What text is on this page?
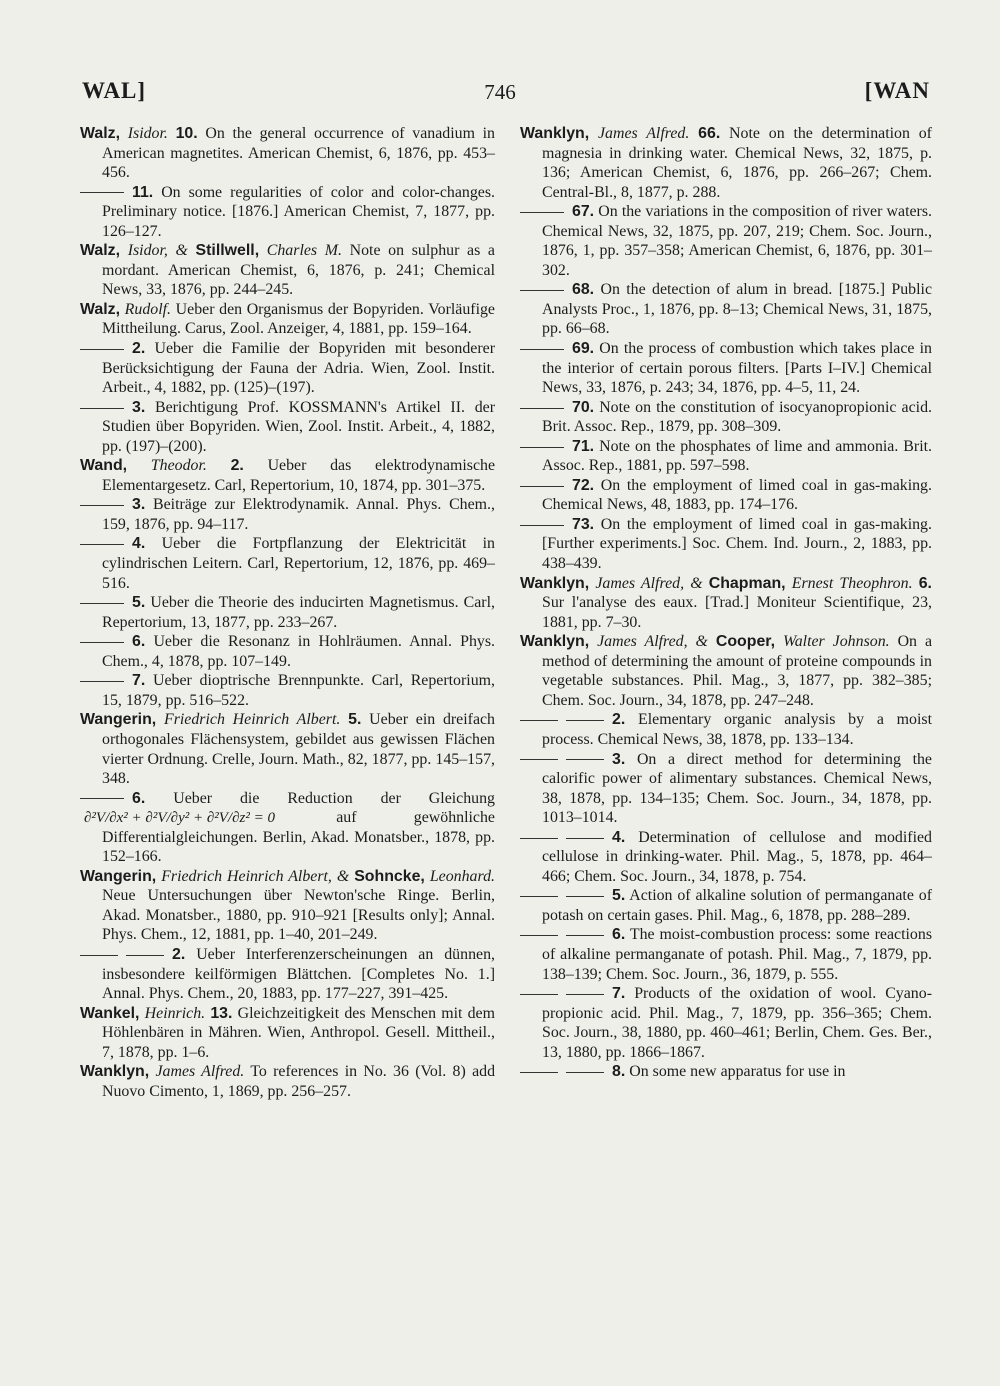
WAL]	746	[WAN

Walz, Isidor. 10. On the general occurrence of vanadium in American magnetites. American Chemist, 6, 1876, pp. 453–456.

11. On some regularities of color and color-changes. Preliminary notice. [1876.] American Chemist, 7, 1877, pp. 126–127.

Walz, Isidor, & Stillwell, Charles M. Note on sulphur as a mordant. American Chemist, 6, 1876, p. 241; Chemical News, 33, 1876, pp. 244–245.

Walz, Rudolf. Ueber den Organismus der Bopyriden. Vorläufige Mittheilung. Carus, Zool. Anzeiger, 4, 1881, pp. 159–164.

2. Ueber die Familie der Bopyriden mit besonderer Berücksichtigung der Fauna der Adria. Wien, Zool. Instit. Arbeit., 4, 1882, pp. (125)–(197).

3. Berichtigung Prof. KOSSMANN's Artikel II. der Studien über Bopyriden. Wien, Zool. Instit. Arbeit., 4, 1882, pp. (197)–(200).

Wand, Theodor. 2. Ueber das elektrodynamische Elementargesetz. Carl, Repertorium, 10, 1874, pp. 301–375.

3. Beiträge zur Elektrodynamik. Annal. Phys. Chem., 159, 1876, pp. 94–117.

4. Ueber die Fortpflanzung der Elektricität in cylindrischen Leitern. Carl, Repertorium, 12, 1876, pp. 469–516.

5. Ueber die Theorie des inducirten Magnetismus. Carl, Repertorium, 13, 1877, pp. 233–267.

6. Ueber die Resonanz in Hohlräumen. Annal. Phys. Chem., 4, 1878, pp. 107–149.

7. Ueber dioptrische Brennpunkte. Carl, Repertorium, 15, 1879, pp. 516–522.

Wangerin, Friedrich Heinrich Albert. 5. Ueber ein dreifach orthogonales Flächensystem, gebildet aus gewissen Flächen vierter Ordnung. Crelle, Journ. Math., 82, 1877, pp. 145–157, 348.

6. Ueber die Reduction der Gleichung ∂²V/∂x² + ∂²V/∂y² + ∂²V/∂z² = 0	auf gewöhnliche Differentialgleichungen. Berlin, Akad. Monatsber., 1878, pp. 152–166.

Wangerin, Friedrich Heinrich Albert, & Sohncke, Leonhard. Neue Untersuchungen über Newton'sche Ringe. Berlin, Akad. Monatsber., 1880, pp. 910–921 [Results only]; Annal. Phys. Chem., 12, 1881, pp. 1–40, 201–249.

2. Ueber Interferenzerscheinungen an dünnen, insbesondere keilförmigen Blättchen. [Completes No. 1.] Annal. Phys. Chem., 20, 1883, pp. 177–227, 391–425.

Wankel, Heinrich. 13. Gleichzeitigkeit des Menschen mit dem Höhlenbären in Mähren. Wien, Anthropol. Gesell. Mittheil., 7, 1878, pp. 1–6.

Wanklyn, James Alfred. To references in No. 36 (Vol. 8) add Nuovo Cimento, 1, 1869, pp. 256–257.

Wanklyn, James Alfred. 66. Note on the determination of magnesia in drinking water. Chemical News, 32, 1875, p. 136; American Chemist, 6, 1876, pp. 266–267; Chem. Central-Bl., 8, 1877, p. 288.

67. On the variations in the composition of river waters. Chemical News, 32, 1875, pp. 207, 219; Chem. Soc. Journ., 1876, 1, pp. 357–358; American Chemist, 6, 1876, pp. 301–302.

68. On the detection of alum in bread. [1875.] Public Analysts Proc., 1, 1876, pp. 8–13; Chemical News, 31, 1875, pp. 66–68.

69. On the process of combustion which takes place in the interior of certain porous filters. [Parts I–IV.] Chemical News, 33, 1876, p. 243; 34, 1876, pp. 4–5, 11, 24.

70. Note on the constitution of isocyanopropionic acid. Brit. Assoc. Rep., 1879, pp. 308–309.

71. Note on the phosphates of lime and ammonia. Brit. Assoc. Rep., 1881, pp. 597–598.

72. On the employment of limed coal in gas-making. Chemical News, 48, 1883, pp. 174–176.

73. On the employment of limed coal in gas-making. [Further experiments.] Soc. Chem. Ind. Journ., 2, 1883, pp. 438–439.

Wanklyn, James Alfred, & Chapman, Ernest Theophron. 6. Sur l'analyse des eaux. [Trad.] Moniteur Scientifique, 23, 1881, pp. 7–30.

Wanklyn, James Alfred, & Cooper, Walter Johnson. On a method of determining the amount of proteine compounds in vegetable substances. Phil. Mag., 3, 1877, pp. 382–385; Chem. Soc. Journ., 34, 1878, pp. 247–248.

2. Elementary organic analysis by a moist process. Chemical News, 38, 1878, pp. 133–134.

3. On a direct method for determining the calorific power of alimentary substances. Chemical News, 38, 1878, pp. 134–135; Chem. Soc. Journ., 34, 1878, pp. 1013–1014.

4. Determination of cellulose and modified cellulose in drinking-water. Phil. Mag., 5, 1878, pp. 464–466; Chem. Soc. Journ., 34, 1878, p. 754.

5. Action of alkaline solution of permanganate of potash on certain gases. Phil. Mag., 6, 1878, pp. 288–289.

6. The moist-combustion process: some reactions of alkaline permanganate of potash. Phil. Mag., 7, 1879, pp. 138–139; Chem. Soc. Journ., 36, 1879, p. 555.

7. Products of the oxidation of wool. Cyano-propionic acid. Phil. Mag., 7, 1879, pp. 356–365; Chem. Soc. Journ., 38, 1880, pp. 460–461; Berlin, Chem. Ges. Ber., 13, 1880, pp. 1866–1867.

8. On some new apparatus for use in
